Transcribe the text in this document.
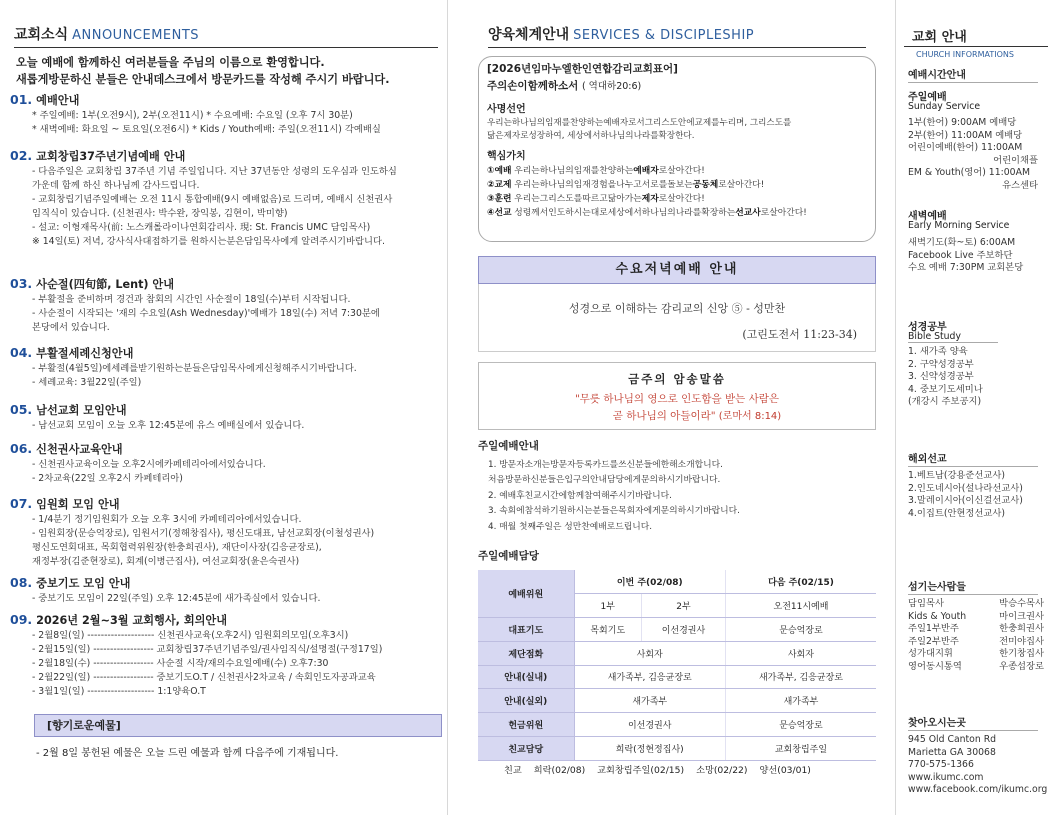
교회소식 ANNOUNCEMENTS
오늘 예배에 함께하신 여러분들을 주님의 이름으로 환영합니다.
새롭게방문하신 분들은 안내데스크에서 방문카드를 작성해 주시기 바랍니다.
01. 예배안내
* 주일예배: 1부(오전9시), 2부(오전11시) * 수요예배: 수요일 (오후 7시 30분)
* 새벽예배: 화요일 ~ 토요일(오전6시) * Kids / Youth예배: 주일(오전11시) 각예배실
02. 교회창립37주년기념예배 안내
- 다음주일은 교회창립 37주년 기념 주일입니다. 지난 37년동안 성령의 도우심과 인도하심
가운데 함께 하신 하나님께 감사드립니다.
- 교회창립기념주일예배는 오전 11시 통합예배(9시 예배없음)로 드리며, 예배시 신천권사
임직식이 있습니다. (신천권사: 박수완, 장익봉, 김현이, 박미향)
- 설교: 이형재목사(前: 노스캐롤라이나연회감리사. 現: St. Francis UMC 담임목사)
※ 14일(토) 저녁, 강사식사대접하기를 원하시는분은담임목사에게 알려주시기바랍니다.
03. 사순절(四旬節, Lent) 안내
- 부활절을 준비하며 경건과 참회의 시간인 사순절이 18일(수)부터 시작됩니다.
- 사순절이 시작되는 '재의 수요일(Ash Wednesday)'예배가 18일(수) 저녁 7:30분에
본당에서 있습니다.
04. 부활절세례신청안내
- 부활절(4월5일)에세례를받기원하는분들은담임목사에게신청해주시기바랍니다.
- 세례교육: 3월22일(주일)
05. 남선교회 모임안내
- 남선교회 모임이 오늘 오후 12:45분에 유스 예배실에서 있습니다.
06. 신천권사교육안내
- 신천권사교육이오늘 오후2시에카페테리아에서있습니다.
- 2차교육(22일 오후2시 카페테리아)
07. 임원회 모임 안내
- 1/4분기 정기임원회가 오늘 오후 3시에 카페테리아에서있습니다.
- 임원회장(문승억장로), 임원서기(정해창집사), 평신도대표, 남선교회장(이철성권사)
평신도연회대표, 목회협력위원장(한충희권사), 재단이사장(김응균장로),
재정부장(김준현장로), 회계(이병근집사), 여선교회장(윤은숙권사)
08. 중보기도 모임 안내
- 중보기도 모임이 22일(주일) 오후 12:45분에 새가족실에서 있습니다.
09. 2026년 2월~3월 교회행사, 회의안내
- 2월8일(일) -------------------- 신천권사교육(오후2시) 임원회의모임(오후3시)
- 2월15일(일) ------------------ 교회창립37주년기념주일/권사임직식/설명절(구정17일)
- 2월18일(수) ------------------ 사순절 시작/재의수요일예배(수) 오후7:30
- 2월22일(일) ------------------ 중보기도O.T / 신천권사2차교육 / 속회인도자공과교육
- 3월1일(일) -------------------- 1:1양육O.T
[향기로운예물]
- 2월 8일 봉헌된 예물은 오늘 드린 예물과 함께 다음주에 기재됩니다.
양육체계안내 SERVICES & DISCIPLESHIP
[2026년임마누엘한인연합감리교회표어]
주의손이함께하소서 ( 역대하20:6)
사명선언
우리는하나님의임재를찬양하는예배자로서그리스도안에교제를누리며, 그리스도를
닮은제자로성장하여, 세상에서하나님의나라를확장한다.
핵심가치
①예배 우리는하나님의임재를찬양하는예배자로살아간다!
②교제 우리는하나님의임재경험을나누고서로를돌보는공동체로살아간다!
③훈련 우리는그리스도를따르고닮아가는제자로살아간다!
④선교 성령께서인도하시는대로세상에서하나님의나라를확장하는선교사로살아간다!
수요저녁예배 안내
성경으로 이해하는 감리교의 신앙 ⑤ - 성만찬
(고린도전서 11:23-34)
금주의 암송말씀
"무릇 하나님의 영으로 인도함을 받는 사람은
곧 하나님의 아들이라" (로마서 8:14)
주일예배안내
1. 방문자소개는방문자등록카드를쓰신분들에한해소개합니다.
처음방문하신분들은입구의안내담당에게문의하시기바랍니다.
2. 예배후친교시간에함께참여해주시기바랍니다.
3. 속회에참석하기원하시는분들은목회자에게문의하시기바랍니다.
4. 매월 첫째주일은 성만찬예배로드립니다.
주일예배담당
예배위원	이번 주(02/08)		다음 주(02/15)
	1부	2부	오전11시예배
대표기도	목회기도	이선경권사	문승억장로
제단점화	사회자		사회자
안내(실내)	새가족부, 김응균장로		새가족부, 김응균장로
안내(실외)	새가족부		새가족부
헌금위원	이선경권사		문승억장로
친교담당	희락(정현정집사)		교회창립주일
친교 희락(02/08) 교회창립주일(02/15) 소망(02/22) 양선(03/01)
교회 안내
CHURCH INFORMATIONS
예배시간안내
주일예배
Sunday Service
1부(한어) 9:00AM 예배당
2부(한어) 11:00AM 예배당
어린이예배(한어) 11:00AM
어린이채플
EM & Youth(영어) 11:00AM
유스센타
새벽예배
Early Morning Service
새벽기도(화~토) 6:00AM
Facebook Live 주보하단
수요 예배 7:30PM 교회본당
성경공부
Bible Study
1. 새가족 양육
2. 구약성경공부
3. 신약성경공부
4. 중보기도세미나
(개강시 주보공지)
해외선교
1.베트남(강용준선교사)
2.인도네시아(설나라선교사)
3.말레이시아(이신걸선교사)
4.이집트(안현정선교사)
섬기는사람들
담임목사	박승수목사
Kids & Youth	마이크권사
주일1부반주	한충희권사
주일2부반주	전미야집사
성가대지휘	한기창집사
영어동시통역	우종섭장로
찾아오시는곳
945 Old Canton Rd
Marietta GA 30068
770-575-1366
www.ikumc.com
www.facebook.com/ikumc.org
